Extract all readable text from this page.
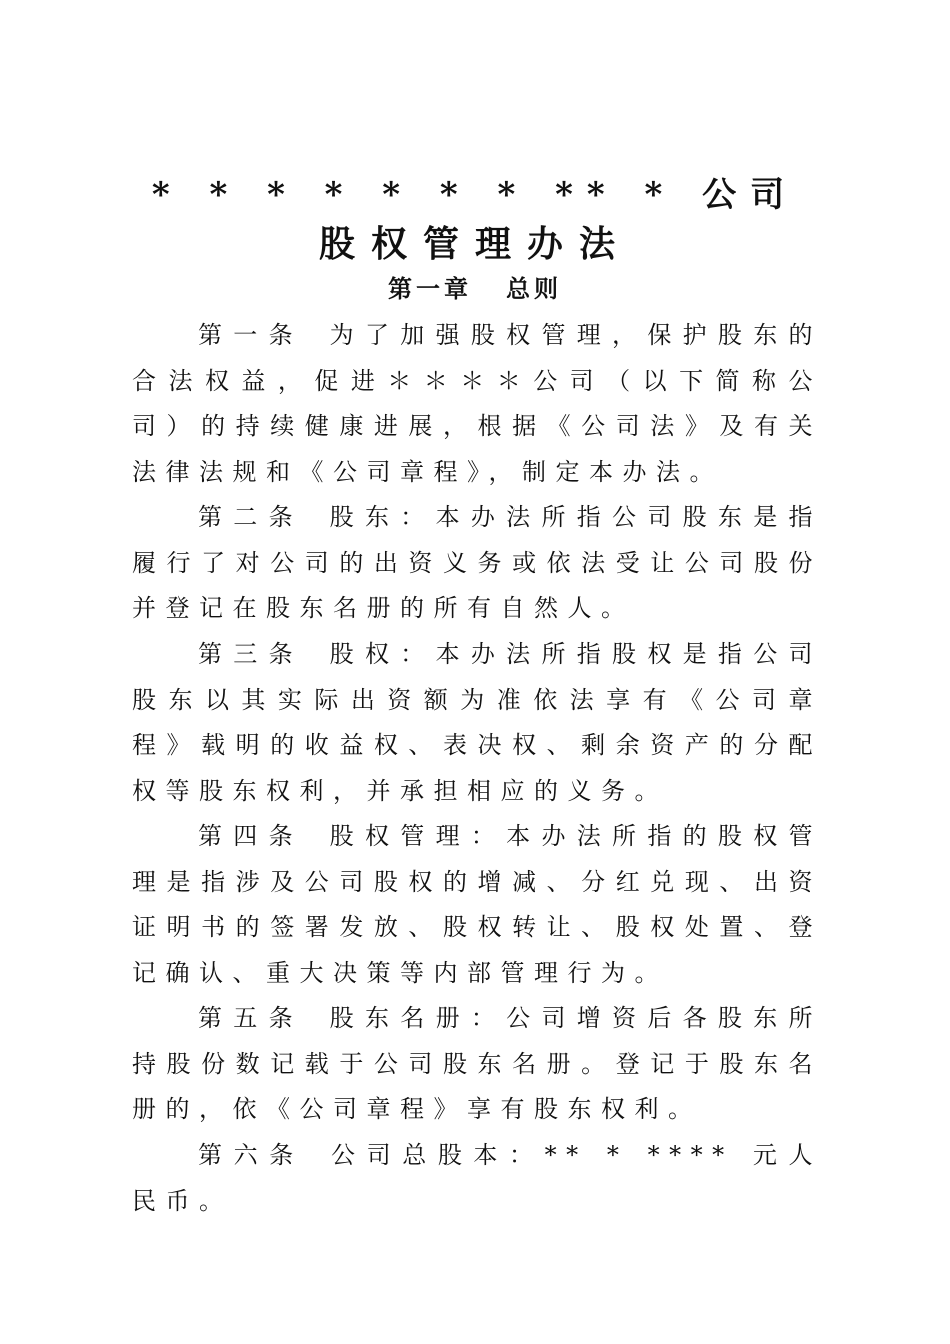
* * * * * * * ** * 公司
股权管理办法
第一章 总则
第一条 为了加强股权管理，保护股东的合法权益，促进＊＊＊＊公司（以下简称公司）的持续健康进展，根据《公司法》及有关法律法规和《公司章程》，制定本办法。
第二条 股东：本办法所指公司股东是指履行了对公司的出资义务或依法受让公司股份并登记在股东名册的所有自然人。
第三条 股权：本办法所指股权是指公司股东以其实际出资额为准依法享有《公司章程》载明的收益权、表决权、剩余资产的分配权等股东权利，并承担相应的义务。
第四条 股权管理：本办法所指的股权管理是指涉及公司股权的增减、分红兑现、出资证明书的签署发放、股权转让、股权处置、登记确认、重大决策等内部管理行为。
第五条 股东名册：公司增资后各股东所持股份数记载于公司股东名册。登记于股东名册的，依《公司章程》享有股东权利。
第六条 公司总股本：** * **** 元人民币。
